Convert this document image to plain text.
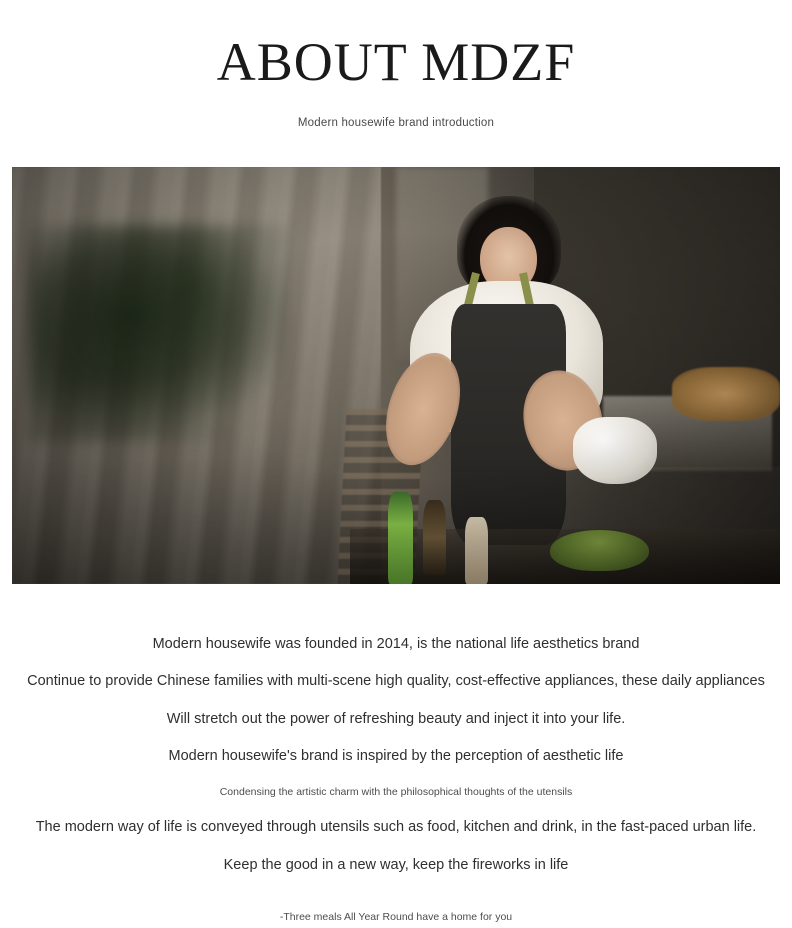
ABOUT MDZF

Modern housewife brand introduction

Modern housewife was founded in 2014, is the national life aesthetics brand

Continue to provide Chinese families with multi-scene high quality, cost-effective appliances, these daily appliances

Will stretch out the power of refreshing beauty and inject it into your life.

Modern housewife's brand is inspired by the perception of aesthetic life

Condensing the artistic charm with the philosophical thoughts of the utensils

The modern way of life is conveyed through utensils such as food, kitchen and drink, in the fast-paced urban life.

Keep the good in a new way, keep the fireworks in life

-Three meals All Year Round have a home for you
